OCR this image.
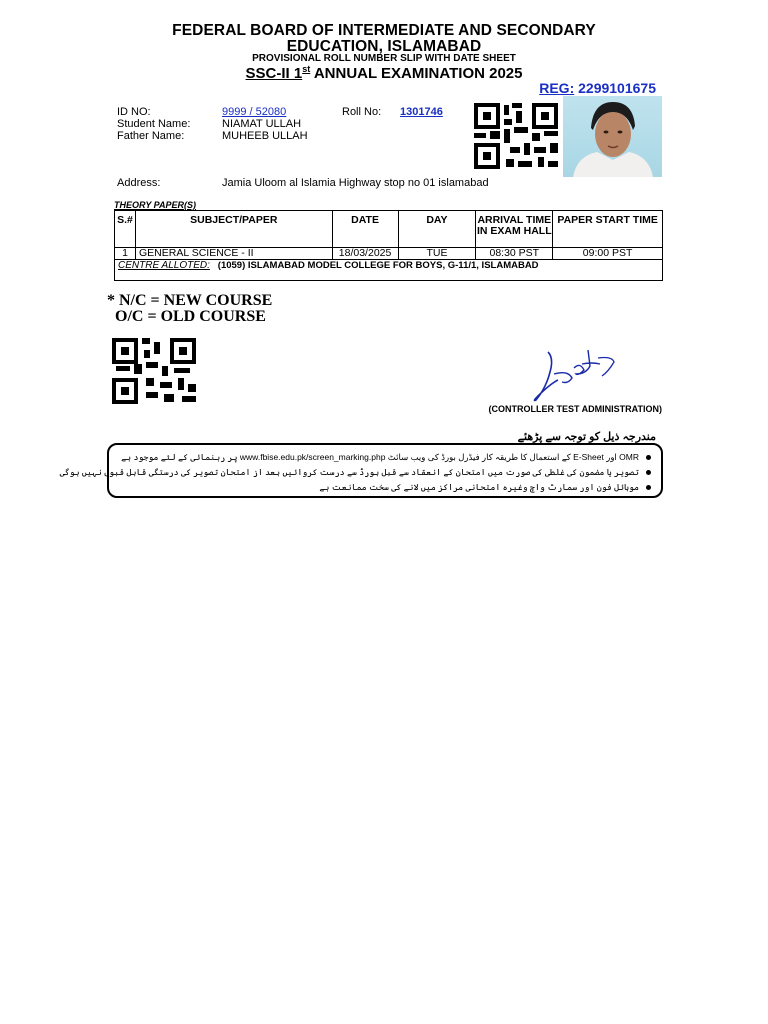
FEDERAL BOARD OF INTERMEDIATE AND SECONDARY
EDUCATION, ISLAMABAD
PROVISIONAL ROLL NUMBER SLIP WITH DATE SHEET
SSC-II 1st ANNUAL EXAMINATION 2025
REG: 2299101675
ID NO:	9999 / 52080	Roll No: 1301746
Student Name:	NIAMAT ULLAH
Father Name:	MUHEEB ULLAH
Address:	Jamia Uloom al Islamia Highway stop no 01 islamabad
THEORY PAPER(S)
S.#	SUBJECT/PAPER	DATE	DAY	ARRIVAL TIME IN EXAM HALL	PAPER START TIME
1	GENERAL SCIENCE - II	18/03/2025	TUE	08:30 PST	09:00 PST
CENTRE ALLOTED: (1059) ISLAMABAD MODEL COLLEGE FOR BOYS, G-11/1, ISLAMABAD					
* N/C = NEW COURSE
O/C = OLD COURSE
(CONTROLLER TEST ADMINISTRATION)
مندرجہ ذیل کو توجہ سے پڑھئے
OMR اور E-Sheet کے استعمال کا طریقہ کار فیڈرل بورڈ کی ویب سائٹ www.fbise.edu.pk/screen_marking.php پر رہنمائی کے لئے موجود ہے
تصویر یا مضمون کی غلطی کی صورت میں امتحان کے انعقاد سے قبل بورڈ سے درست کروائیں بعد از امتحان تصویر کی درستگی قابل قبول نہیں ہوگی
موبائل فون اور سمارٹ واچ وغیرہ امتحانی مراکز میں لانے کی سخت ممانعت ہے
